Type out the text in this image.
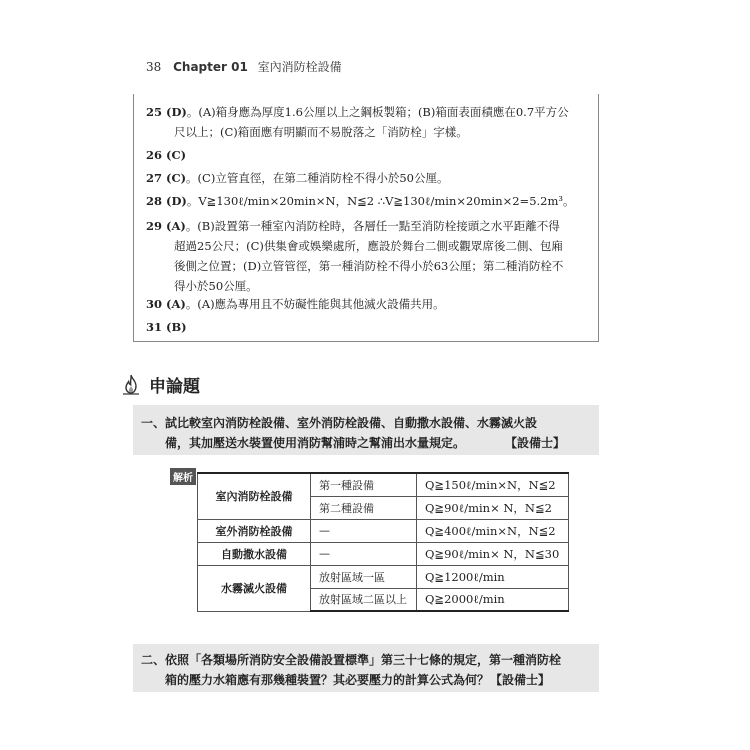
38 Chapter 01 室內消防栓設備
25 (D)。(A)箱身應為厚度1.6公厘以上之鋼板製箱；(B)箱面表面積應在0.7平方公
尺以上；(C)箱面應有明顯而不易脫落之「消防栓」字樣。
26 (C)
27 (C)。(C)立管直徑，在第二種消防栓不得小於50公厘。
28 (D)。V≧130ℓ/min×20min×N，N≦2 ∴V≧130ℓ/min×20min×2=5.2m³。
29 (A)。(B)設置第一種室內消防栓時，各層任一點至消防栓接頭之水平距離不得
超過25公尺；(C)供集會或娛樂處所，應設於舞台二側或觀眾席後二側、包廂
後側之位置；(D)立管管徑，第一種消防栓不得小於63公厘；第二種消防栓不
得小於50公厘。
30 (A)。(A)應為專用且不妨礙性能與其他滅火設備共用。
31 (B)
申論題
一、試比較室內消防栓設備、室外消防栓設備、自動撒水設備、水霧滅火設
備，其加壓送水裝置使用消防幫浦時之幫浦出水量規定。	【設備士】
解析
室內消防栓設備	第一種設備	Q≧150ℓ/min×N，N≦2
	第二種設備	Q≧90ℓ/min× N，N≦2
室外消防栓設備	—	Q≧400ℓ/min×N，N≦2
自動撒水設備	—	Q≧90ℓ/min× N，N≦30
水霧滅火設備	放射區域一區	Q≧1200ℓ/min
	放射區域二區以上	Q≧2000ℓ/min
二、依照「各類場所消防安全設備設置標準」第三十七條的規定，第一種消防栓
箱的壓力水箱應有那幾種裝置？其必要壓力的計算公式為何？ 【設備士】
